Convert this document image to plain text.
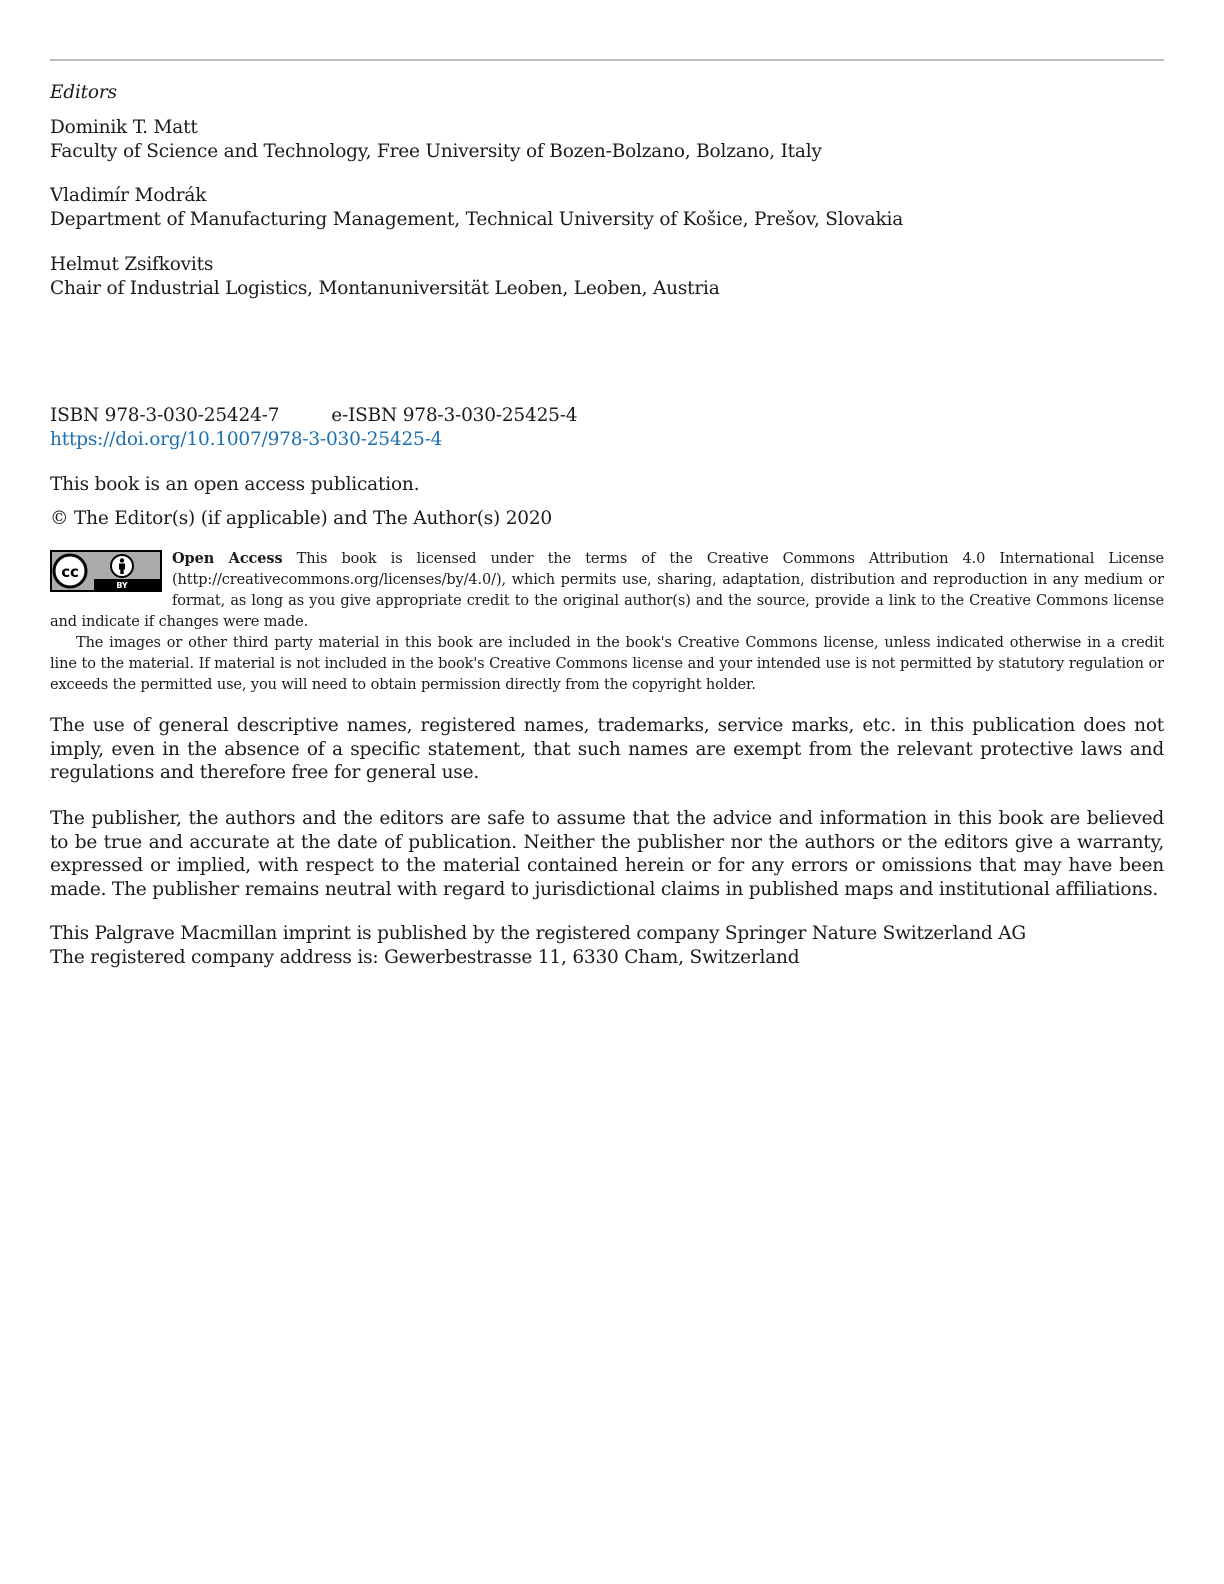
Editors
Dominik T. Matt
Faculty of Science and Technology, Free University of Bozen-Bolzano, Bolzano, Italy
Vladimír Modrák
Department of Manufacturing Management, Technical University of Košice, Prešov, Slovakia
Helmut Zsifkovits
Chair of Industrial Logistics, Montanuniversität Leoben, Leoben, Austria
ISBN 978-3-030-25424-7	e-ISBN 978-3-030-25425-4
https://doi.org/10.1007/978-3-030-25425-4
This book is an open access publication.
© The Editor(s) (if applicable) and The Author(s) 2020
cc
BY

Open Access This book is licensed under the terms of the Creative Commons Attribution 4.0 International License (http://creativecommons.org/licenses/by/4.0/), which permits use, sharing, adaptation, distribution and reproduction in any medium or format, as long as you give appropriate credit to the original author(s) and the source, provide a link to the Creative Commons license and indicate if changes were made.

The images or other third party material in this book are included in the book's Creative Commons license, unless indicated otherwise in a credit line to the material. If material is not included in the book's Creative Commons license and your intended use is not permitted by statutory regulation or exceeds the permitted use, you will need to obtain permission directly from the copyright holder.

The use of general descriptive names, registered names, trademarks, service marks, etc. in this publication does not imply, even in the absence of a specific statement, that such names are exempt from the relevant protective laws and regulations and therefore free for general use.

The publisher, the authors and the editors are safe to assume that the advice and information in this book are believed to be true and accurate at the date of publication. Neither the publisher nor the authors or the editors give a warranty, expressed or implied, with respect to the material contained herein or for any errors or omissions that may have been made. The publisher remains neutral with regard to jurisdictional claims in published maps and institutional affiliations.

This Palgrave Macmillan imprint is published by the registered company Springer Nature Switzerland AG
The registered company address is: Gewerbestrasse 11, 6330 Cham, Switzerland
